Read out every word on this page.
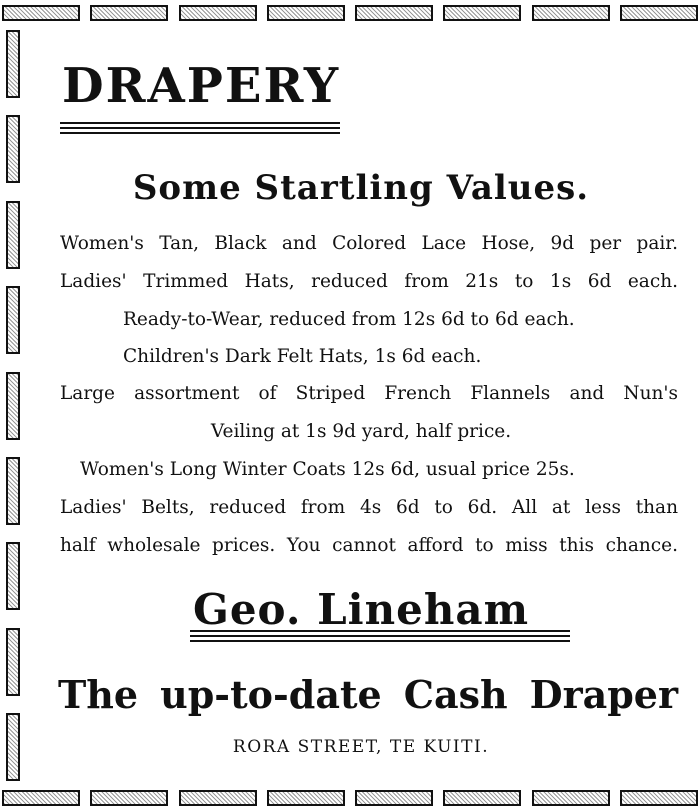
DRAPERY
Some Startling Values.

Women's Tan, Black and Colored Lace Hose, 9d per pair.

Ladies' Trimmed Hats, reduced from 21s to 1s 6d each.

Ready-to-Wear, reduced from 12s 6d to 6d each.

Children's Dark Felt Hats, 1s 6d each.

Large assortment of Striped French Flannels and Nun's

Veiling at 1s 9d yard, half price.

Women's Long Winter Coats 12s 6d, usual price 25s.

Ladies' Belts, reduced from 4s 6d to 6d. All at less than

half wholesale prices. You cannot afford to miss this chance.

Geo. Lineham
The up-to-date Cash Draper

RORA STREET, TE KUITI.
